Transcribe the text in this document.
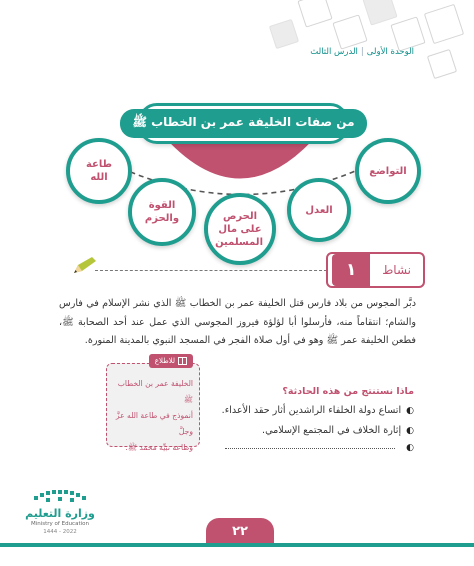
الوحدة الأولى|الدرس الثالث
من صفات الخليفة عمر بن الخطاب ﷺ
طاعة الله
القوة والحزم	الحرص على مال المسلمين
العدل
التواضع
نشاط
١
دبَّر المجوس من بلاد فارس قتل الخليفة عمر بن الخطاب ﷺ الذي نشر الإسلام في فارس والشام؛ انتقاماً منه، فأرسلوا أبا لؤلؤة فيروز المجوسي الذي عمل عند أحد الصحابة ﷺ، فطعن الخليفة عمر ﷺ وهو في أول صلاة الفجر في المسجد النبوي بالمدينة المنورة.
للاطلاع
الخليفة عمر بن الخطاب ﷺ
أنموذج في طاعة الله عزَّ وجلَّ
وطاعة نبيِّه محمد ﷺ.
ماذا نستنتج من هذه الحادثة؟
◐
اتساع دولة الخلفاء الراشدين أثار حقد الأعداء.
◐
إثارة الخلاف في المجتمع الإسلامي.
◐
وزارة التعليم
Ministry of Education
2022 - 1444	٢٢
